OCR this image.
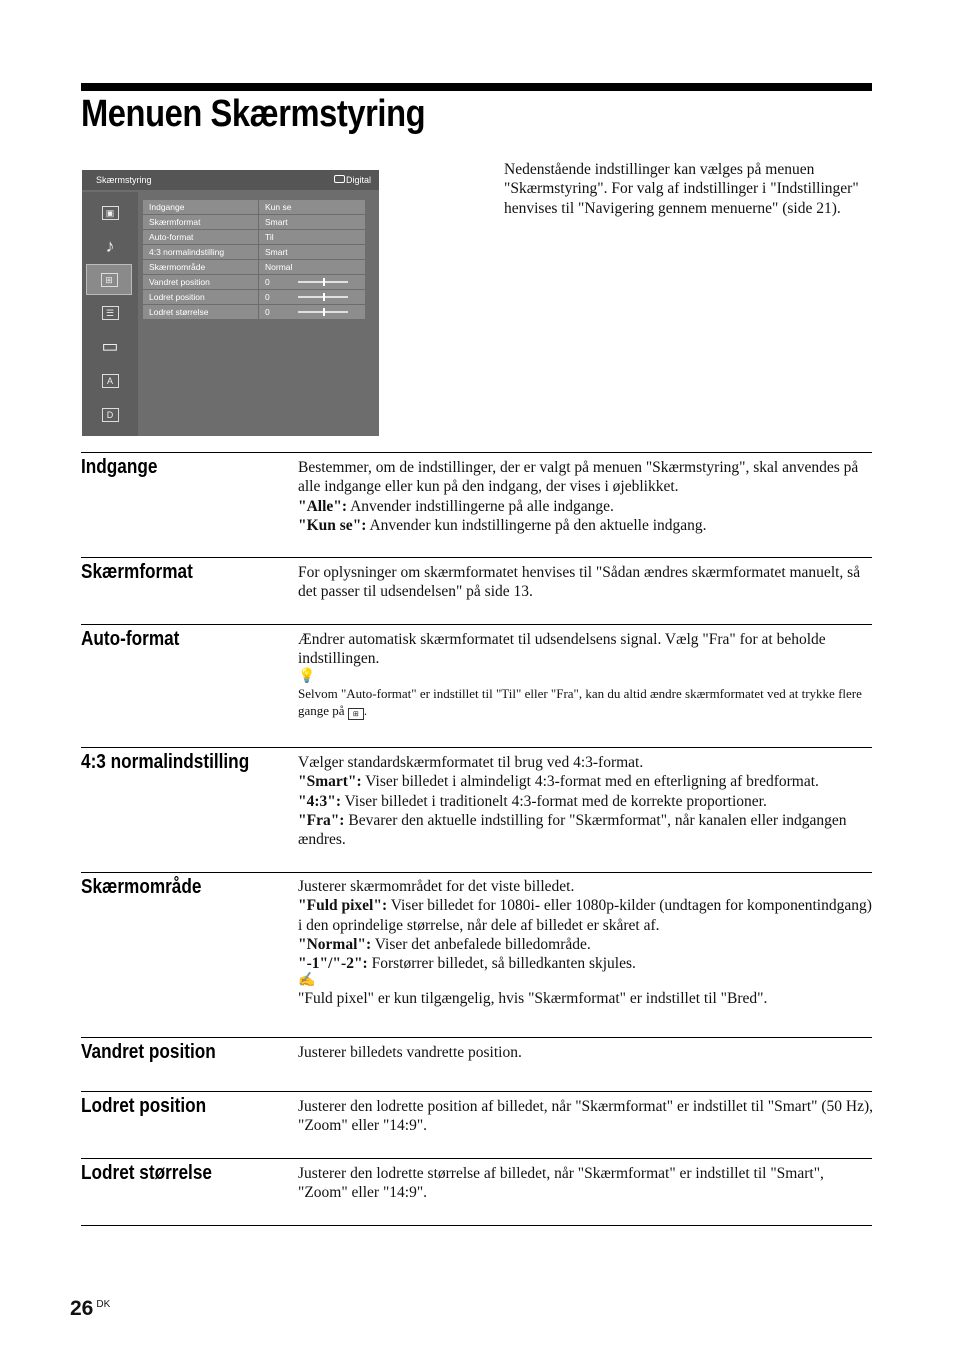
Menuen Skærmstyring

Nedenstående indstillinger kan vælges på menuen "Skærmstyring". For valg af indstillinger i "Indstillinger" henvises til "Navigering gennem menuerne" (side 21).

Skærmstyring	Digital
▣
♪
⊞
☰
▭
A
D
Indgange	Kun se
Skærmformat	Smart
Auto-format	Til
4:3 normalindstilling	Smart
Skærmområde	Normal
Vandret position	0
Lodret position	0
Lodret størrelse	0
Indgange	Bestemmer, om de indstillinger, der er valgt på menuen "Skærmstyring", skal anvendes på alle indgange eller kun på den indgang, der vises i øjeblikket.

"Alle": Anvender indstillingerne på alle indgange.

"Kun se": Anvender kun indstillingerne på den aktuelle indgang.

Skærmformat	For oplysninger om skærmformatet henvises til "Sådan ændres skærmformatet manuelt, så det passer til udsendelsen" på side 13.

Auto-format	Ændrer automatisk skærmformatet til udsendelsens signal. Vælg "Fra" for at beholde indstillingen.

💡

Selvom "Auto-format" er indstillet til "Til" eller "Fra", kan du altid ændre skærmformatet ved at trykke flere gange på ⊞ .

4:3 normalindstilling	Vælger standardskærmformatet til brug ved 4:3-format.

"Smart": Viser billedet i almindeligt 4:3-format med en efterligning af bredformat.

"4:3": Viser billedet i traditionelt 4:3-format med de korrekte proportioner.

"Fra": Bevarer den aktuelle indstilling for "Skærmformat", når kanalen eller indgangen ændres.

Skærmområde	Justerer skærmområdet for det viste billedet.

"Fuld pixel": Viser billedet for 1080i- eller 1080p-kilder (undtagen for komponentindgang) i den oprindelige størrelse, når dele af billedet er skåret af.

"Normal": Viser det anbefalede billedområde.

"-1"/"-2": Forstørrer billedet, så billedkanten skjules.

✍

"Fuld pixel" er kun tilgængelig, hvis "Skærmformat" er indstillet til "Bred".

Vandret position	Justerer billedets vandrette position.

Lodret position	Justerer den lodrette position af billedet, når "Skærmformat" er indstillet til "Smart" (50 Hz), "Zoom" eller "14:9".

Lodret størrelse	Justerer den lodrette størrelse af billedet, når "Skærmformat" er indstillet til "Smart", "Zoom" eller "14:9".

26 $^{DK}$
